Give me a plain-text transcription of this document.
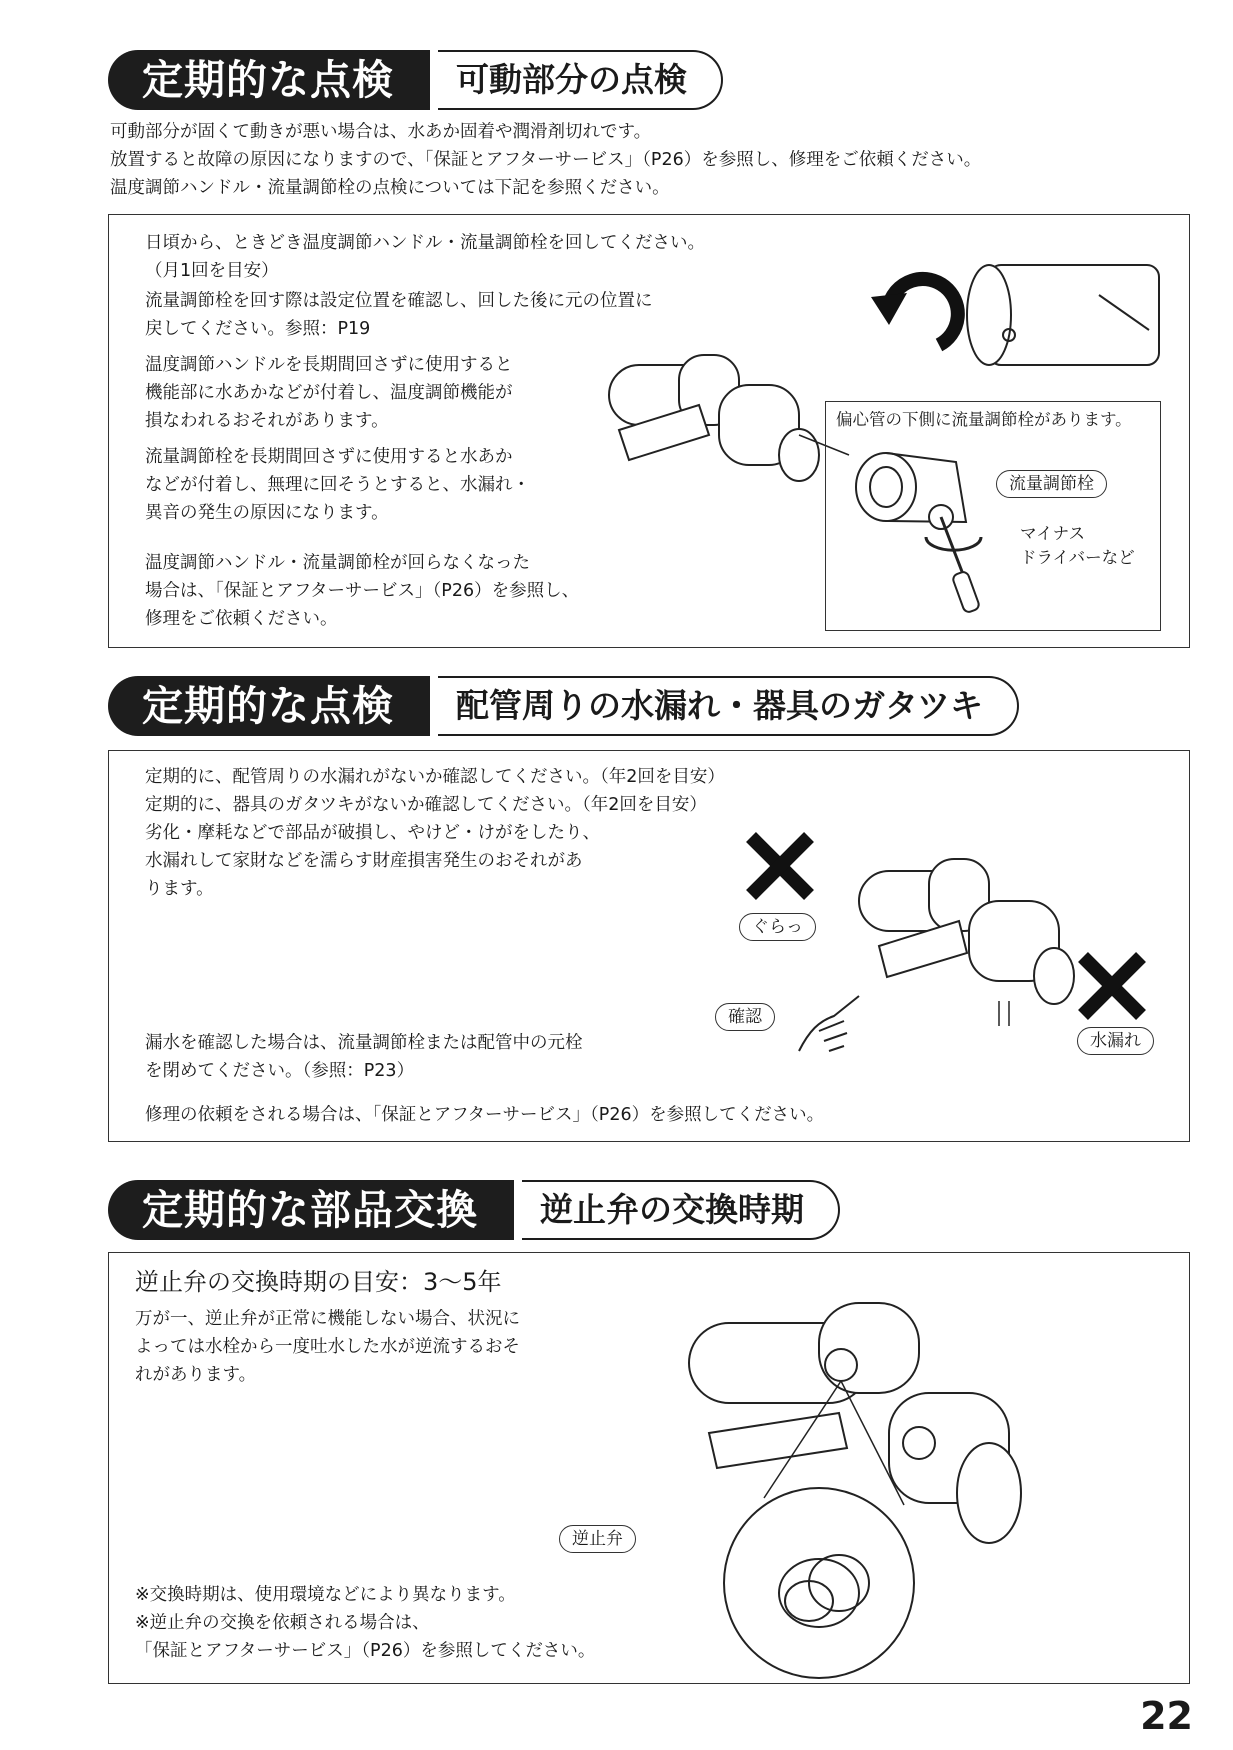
定期的な点検	可動部分の点検
可動部分が固くて動きが悪い場合は、水あか固着や潤滑剤切れです。
放置すると故障の原因になりますので、「保証とアフターサービス」（P26）を参照し、修理をご依頼ください。
温度調節ハンドル・流量調節栓の点検については下記を参照ください。
日頃から、ときどき温度調節ハンドル・流量調節栓を回してください。
（月1回を目安）
流量調節栓を回す際は設定位置を確認し、回した後に元の位置に
戻してください。参照：P19
温度調節ハンドルを長期間回さずに使用すると
機能部に水あかなどが付着し、温度調節機能が
損なわれるおそれがあります。
流量調節栓を長期間回さずに使用すると水あか
などが付着し、無理に回そうとすると、水漏れ・
異音の発生の原因になります。
温度調節ハンドル・流量調節栓が回らなくなった
場合は、「保証とアフターサービス」（P26）を参照し、
修理をご依頼ください。
偏心管の下側に流量調節栓があります。
流量調節栓
マイナス
ドライバーなど
定期的な点検	配管周りの水漏れ・器具のガタツキ
定期的に、配管周りの水漏れがないか確認してください。（年2回を目安）
定期的に、器具のガタツキがないか確認してください。（年2回を目安）
劣化・摩耗などで部品が破損し、やけど・けがをしたり、
水漏れして家財などを濡らす財産損害発生のおそれがあ
ります。
ぐらっ
確認
水漏れ
漏水を確認した場合は、流量調節栓または配管中の元栓
を閉めてください。（参照：P23）
修理の依頼をされる場合は、「保証とアフターサービス」（P26）を参照してください。
定期的な部品交換	逆止弁の交換時期
逆止弁の交換時期の目安：3～5年
万が一、逆止弁が正常に機能しない場合、状況に
よっては水栓から一度吐水した水が逆流するおそ
れがあります。
逆止弁
※交換時期は、使用環境などにより異なります。
※逆止弁の交換を依頼される場合は、
「保証とアフターサービス」（P26）を参照してください。
22
